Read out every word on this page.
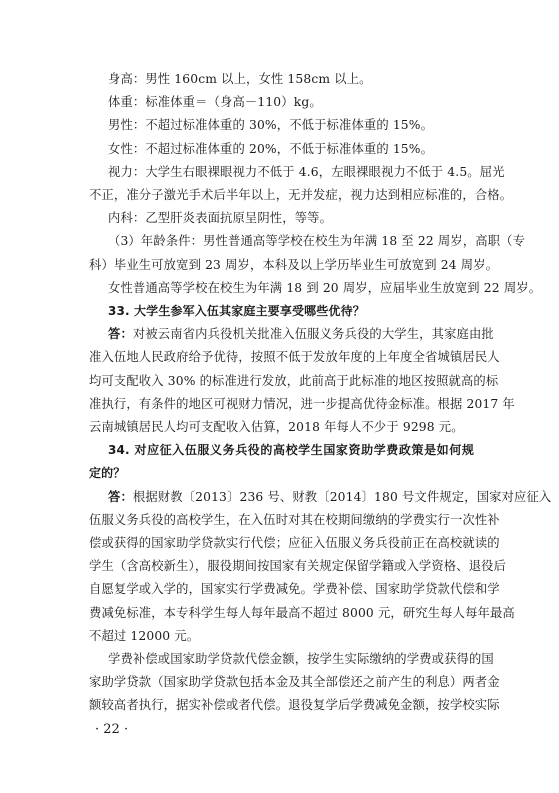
身高：男性 160cm 以上，女性 158cm 以上。
体重：标准体重＝（身高－110）kg。
男性：不超过标准体重的 30%，不低于标准体重的 15%。
女性：不超过标准体重的 20%，不低于标准体重的 15%。
视力：大学生右眼裸眼视力不低于 4.6，左眼裸眼视力不低于 4.5。屈光
不正，准分子激光手术后半年以上，无并发症，视力达到相应标准的，合格。
内科：乙型肝炎表面抗原呈阴性，等等。
（3）年龄条件：男性普通高等学校在校生为年满 18 至 22 周岁，高职（专
科）毕业生可放宽到 23 周岁，本科及以上学历毕业生可放宽到 24 周岁。
女性普通高等学校在校生为年满 18 到 20 周岁，应届毕业生放宽到 22 周岁。
33. 大学生参军入伍其家庭主要享受哪些优待？
答：对被云南省内兵役机关批准入伍服义务兵役的大学生，其家庭由批
准入伍地人民政府给予优待，按照不低于发放年度的上年度全省城镇居民人
均可支配收入 30% 的标准进行发放，此前高于此标准的地区按照就高的标
准执行，有条件的地区可视财力情况，进一步提高优待金标准。根据 2017 年
云南城镇居民人均可支配收入估算，2018 年每人不少于 9298 元。
34. 对应征入伍服义务兵役的高校学生国家资助学费政策是如何规
定的？
答：根据财教〔2013〕236 号、财教〔2014〕180 号文件规定，国家对应征入
伍服义务兵役的高校学生，在入伍时对其在校期间缴纳的学费实行一次性补
偿或获得的国家助学贷款实行代偿；应征入伍服义务兵役前正在高校就读的
学生（含高校新生），服役期间按国家有关规定保留学籍或入学资格、退役后
自愿复学或入学的，国家实行学费减免。学费补偿、国家助学贷款代偿和学
费减免标准，本专科学生每人每年最高不超过 8000 元，研究生每人每年最高
不超过 12000 元。
学费补偿或国家助学贷款代偿金额，按学生实际缴纳的学费或获得的国
家助学贷款（国家助学贷款包括本金及其全部偿还之前产生的利息）两者金
额较高者执行，据实补偿或者代偿。退役复学后学费减免金额，按学校实际
· 22 ·
